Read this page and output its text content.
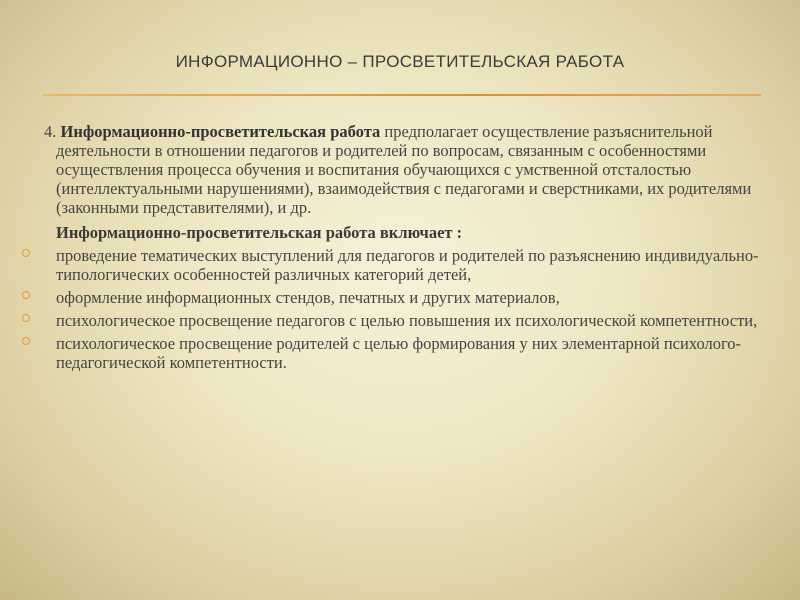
ИНФОРМАЦИОННО – ПРОСВЕТИТЕЛЬСКАЯ РАБОТА

4. Информационно-просветительская работа предполагает осуществление разъяснительной деятельности в отношении педагогов и родителей по вопросам, связанным с особенностями осуществления процесса обучения и воспитания обучающихся с умственной отсталостью (интеллектуальными нарушениями), взаимодействия с педагогами и сверстниками, их родителями (законными представителями), и др.

Информационно-просветительская работа включает :

проведение тематических выступлений для педагогов и родителей по разъяснению индивидуально-типологических особенностей различных категорий детей,
оформление информационных стендов, печатных и других материалов,
психологическое просвещение педагогов с целью повышения их психологической компетентности,
психологическое просвещение родителей с целью формирования у них элементарной психолого-педагогической компетентности.
